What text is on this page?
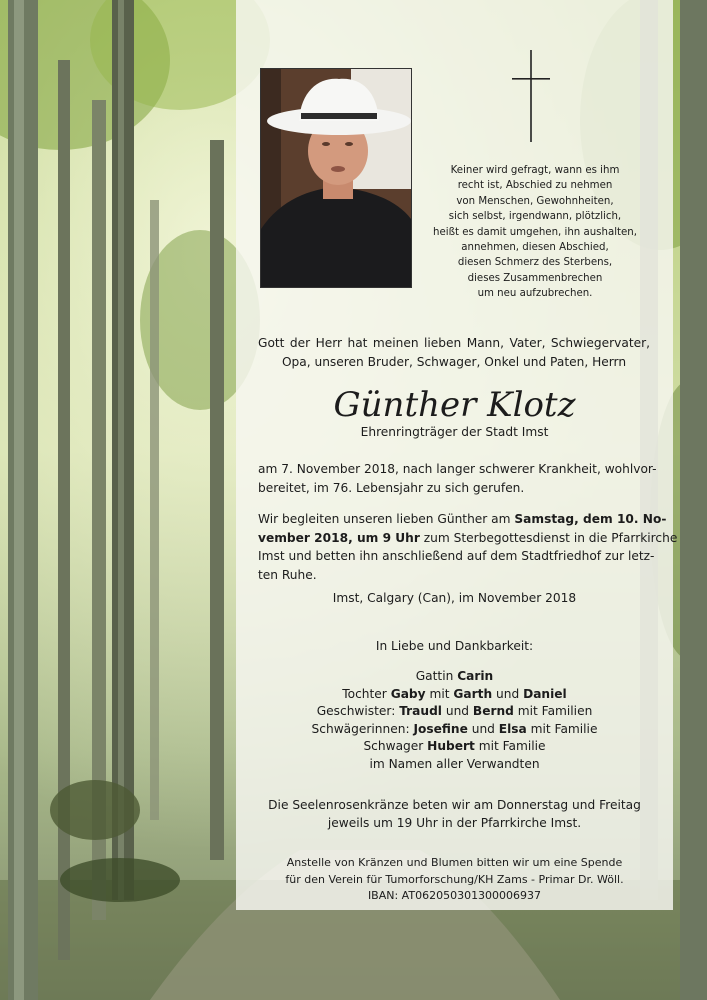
Keiner wird gefragt, wann es ihm
recht ist, Abschied zu nehmen
von Menschen, Gewohnheiten,
sich selbst, irgendwann, plötzlich,
heißt es damit umgehen, ihn aushalten,
annehmen, diesen Abschied,
diesen Schmerz des Sterbens,
dieses Zusammenbrechen
um neu aufzubrechen.
Gott der Herr hat meinen lieben Mann, Vater, Schwiegervater,
Opa, unseren Bruder, Schwager, Onkel und Paten, Herrn
Günther Klotz
Ehrenringträger der Stadt Imst
am 7. November 2018, nach langer schwerer Krankheit, wohlvor-
bereitet, im 76. Lebensjahr zu sich gerufen.
Wir begleiten unseren lieben Günther am Samstag, dem 10. No-
vember 2018, um 9 Uhr zum Sterbegottesdienst in die Pfarrkirche
Imst und betten ihn anschließend auf dem Stadtfriedhof zur letz-
ten Ruhe.
Imst, Calgary (Can), im November 2018
In Liebe und Dankbarkeit:
Gattin Carin
Tochter Gaby mit Garth und Daniel
Geschwister: Traudl und Bernd mit Familien
Schwägerinnen: Josefine und Elsa mit Familie
Schwager Hubert mit Familie
im Namen aller Verwandten
Die Seelenrosenkränze beten wir am Donnerstag und Freitag
jeweils um 19 Uhr in der Pfarrkirche Imst.
Anstelle von Kränzen und Blumen bitten wir um eine Spende
für den Verein für Tumorforschung/KH Zams - Primar Dr. Wöll.
IBAN: AT062050301300006937
